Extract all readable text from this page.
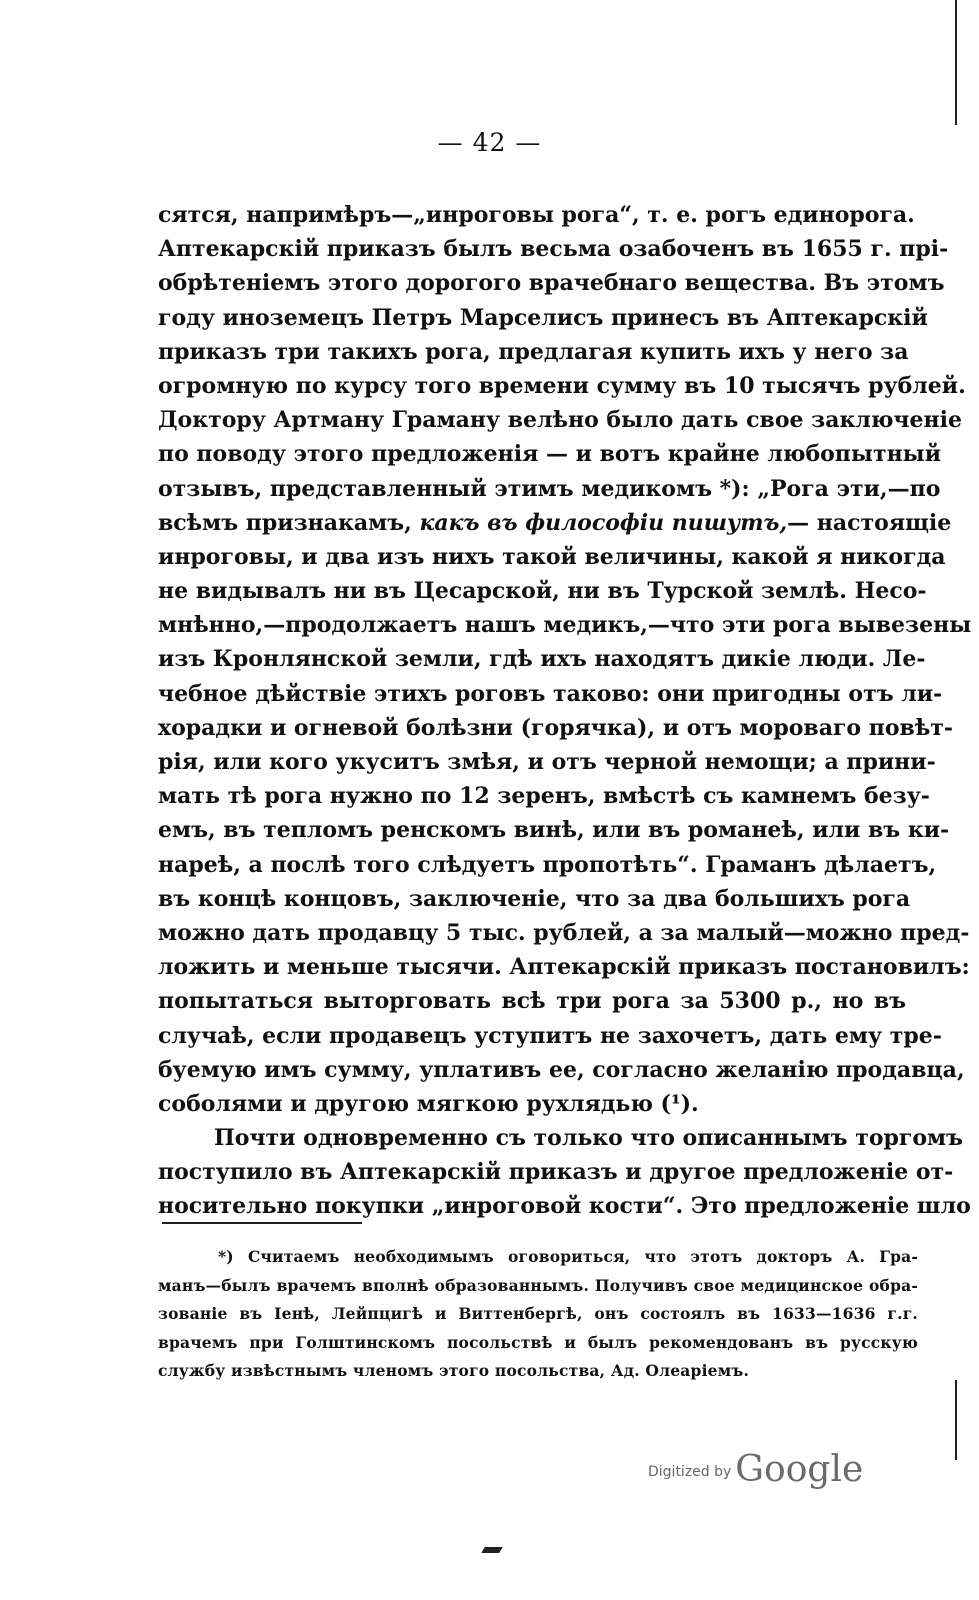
— 42 —
сятся, напримѣръ—„инроговы рога“, т. е. рогъ единорога.
Аптекарскій приказъ былъ весьма озабоченъ въ 1655 г. прі-
обрѣтеніемъ этого дорогого врачебнаго вещества. Въ этомъ
году иноземецъ Петръ Марселисъ принесъ въ Аптекарскій
приказъ три такихъ рога, предлагая купить ихъ у него за
огромную по курсу того времени сумму въ 10 тысячъ рублей.
Доктору Артману Граману велѣно было дать свое заключеніе
по поводу этого предложенія — и вотъ крайне любопытный
отзывъ, представленный этимъ медикомъ *): „Рога эти,—по
всѣмъ признакамъ, какъ въ философіи пишутъ,— настоящіе
инроговы, и два изъ нихъ такой величины, какой я никогда
не видывалъ ни въ Цесарской, ни въ Турской землѣ. Несо-
мнѣнно,—продолжаетъ нашъ медикъ,—что эти рога вывезены
изъ Кронлянской земли, гдѣ ихъ находятъ дикіе люди. Ле-
чебное дѣйствіе этихъ роговъ таково: они пригодны отъ ли-
хорадки и огневой болѣзни (горячка), и отъ мороваго повѣт-
рія, или кого укуситъ змѣя, и отъ черной немощи; а прини-
мать тѣ рога нужно по 12 зеренъ, вмѣстѣ съ камнемъ безу-
емъ, въ тепломъ ренскомъ винѣ, или въ романеѣ, или въ ки-
нареѣ, а послѣ того слѣдуетъ пропотѣть“. Граманъ дѣлаетъ,
въ концѣ концовъ, заключеніе, что за два большихъ рога
можно дать продавцу 5 тыс. рублей, а за малый—можно пред-
ложить и меньше тысячи. Аптекарскій приказъ постановилъ:
попытаться выторговать всѣ три рога за 5300 р., но въ
случаѣ, если продавецъ уступитъ не захочетъ, дать ему тре-
буемую имъ сумму, уплативъ ее, согласно желанію продавца,
соболями и другою мягкою рухлядью (¹).
Почти одновременно съ только что описаннымъ торгомъ
поступило въ Аптекарскій приказъ и другое предложеніе от-
носительно покупки „инроговой кости“. Это предложеніе шло
*) Считаемъ необходимымъ оговориться, что этотъ докторъ А. Гра-
манъ—былъ врачемъ вполнѣ образованнымъ. Получивъ свое медицинское обра-
зованіе въ Іенѣ, Лейпцигѣ и Виттенбергѣ, онъ состоялъ въ 1633—1636 г.г.
врачемъ при Голштинскомъ посольствѣ и былъ рекомендованъ въ русскую
службу извѣстнымъ членомъ этого посольства, Ад. Олеаріемъ.
Digitized by Google
